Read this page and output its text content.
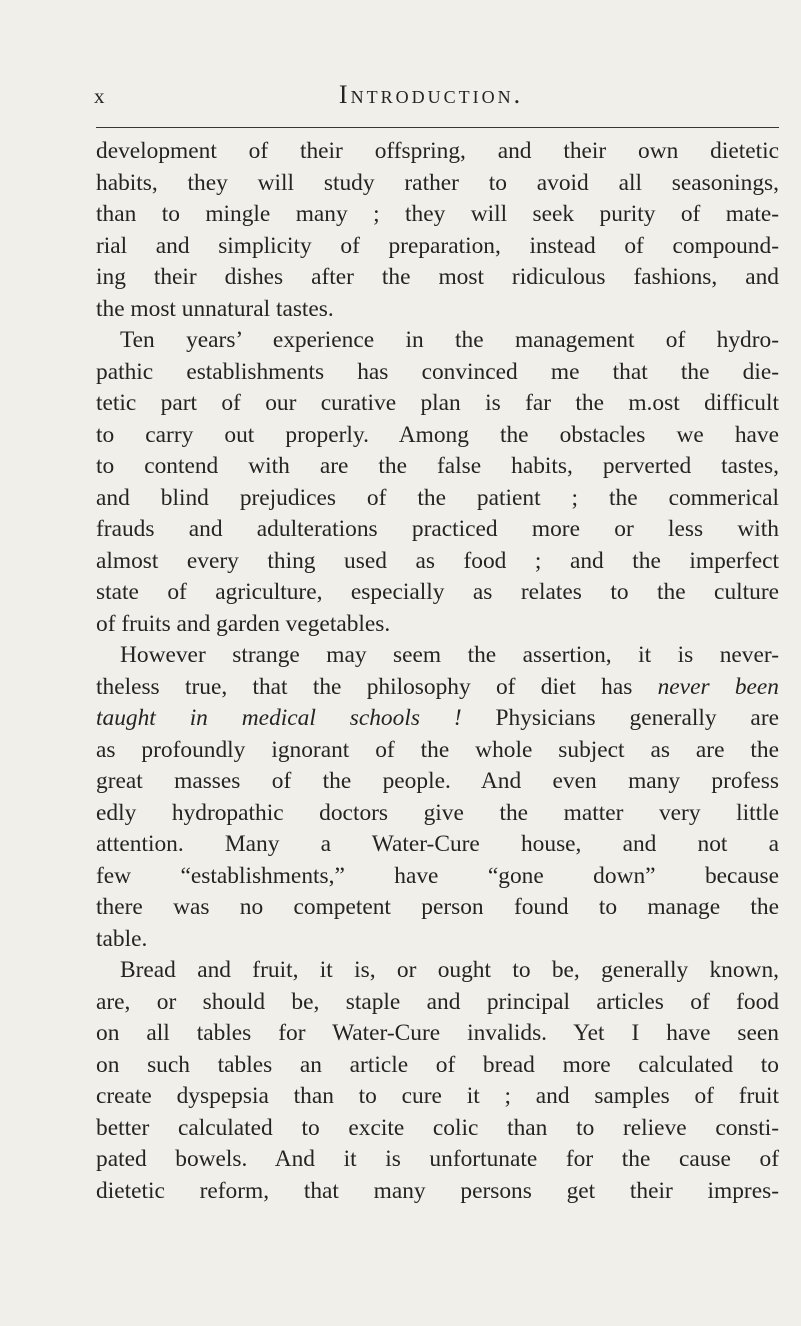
x	Introduction.
development of their offspring, and their own dietetic
habits, they will study rather to avoid all seasonings,
than to mingle many ; they will seek purity of mate-
rial and simplicity of preparation, instead of compound-
ing their dishes after the most ridiculous fashions, and
the most unnatural tastes.
Ten years’ experience in the management of hydro-
pathic establishments has convinced me that the die-
tetic part of our curative plan is far the m.ost difficult
to carry out properly. Among the obstacles we have
to contend with are the false habits, perverted tastes,
and blind prejudices of the patient ; the commerical
frauds and adulterations practiced more or less with
almost every thing used as food ; and the imperfect
state of agriculture, especially as relates to the culture
of fruits and garden vegetables.
However strange may seem the assertion, it is never-
theless true, that the philosophy of diet has never been
taught in medical schools ! Physicians generally are
as profoundly ignorant of the whole subject as are the
great masses of the people. And even many profess
edly hydropathic doctors give the matter very little
attention. Many a Water-Cure house, and not a
few “establishments,” have “gone down” because
there was no competent person found to manage the
table.
Bread and fruit, it is, or ought to be, generally known,
are, or should be, staple and principal articles of food
on all tables for Water-Cure invalids. Yet I have seen
on such tables an article of bread more calculated to
create dyspepsia than to cure it ; and samples of fruit
better calculated to excite colic than to relieve consti-
pated bowels. And it is unfortunate for the cause of
dietetic reform, that many persons get their impres-
